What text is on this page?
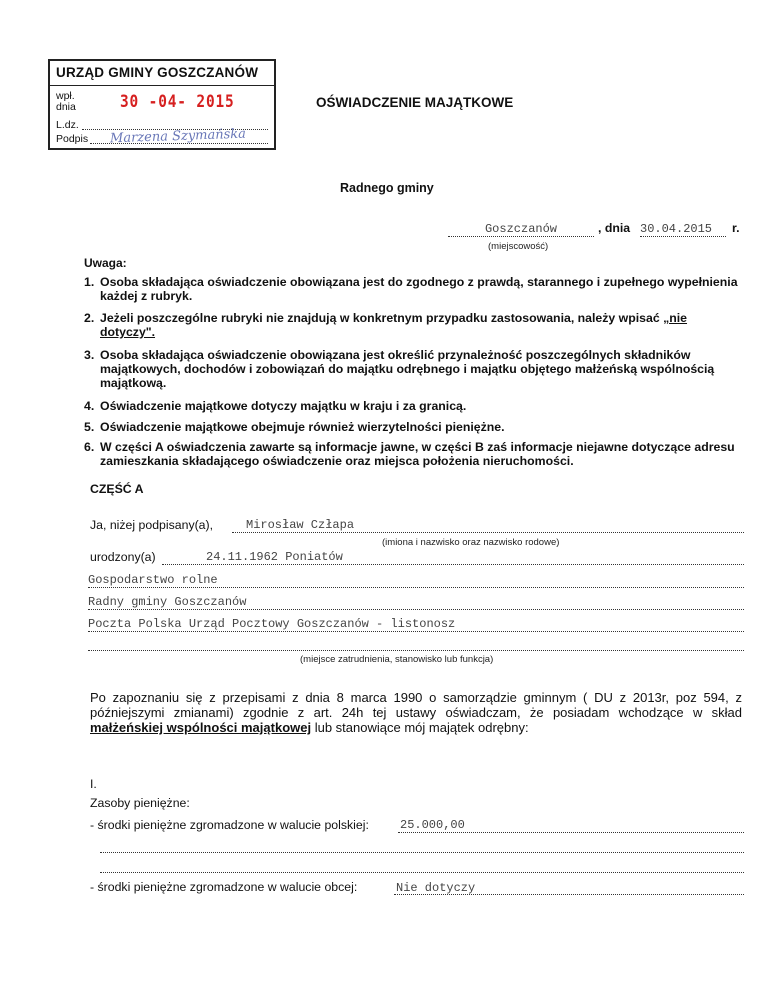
URZĄD GMINY GOSZCZANÓW
wpł.
dnia	30 -04- 2015
L.dz.
Podpis Marzena Szymańska
OŚWIADCZENIE MAJĄTKOWE
Radnego gminy
Goszczanów	, dnia 30.04.2015	r.
(miejscowość)
Uwaga:
1. Osoba składająca oświadczenie obowiązana jest do zgodnego z prawdą, starannego i zupełnego wypełnienia każdej z rubryk.
2. Jeżeli poszczególne rubryki nie znajdują w konkretnym przypadku zastosowania, należy wpisać „nie dotyczy".
3. Osoba składająca oświadczenie obowiązana jest określić przynależność poszczególnych składników majątkowych, dochodów i zobowiązań do majątku odrębnego i majątku objętego małżeńską wspólnością majątkową.
4. Oświadczenie majątkowe dotyczy majątku w kraju i za granicą.
5. Oświadczenie majątkowe obejmuje również wierzytelności pieniężne.
6. W części A oświadczenia zawarte są informacje jawne, w części B zaś informacje niejawne dotyczące adresu zamieszkania składającego oświadczenie oraz miejsca położenia nieruchomości.
CZĘŚĆ A
Ja, niżej podpisany(a),	Mirosław Człapa
(imiona i nazwisko oraz nazwisko rodowe)
urodzony(a)	24.11.1962 Poniatów
Gospodarstwo rolne
Radny gminy Goszczanów
Poczta Polska Urząd Pocztowy Goszczanów - listonosz
(miejsce zatrudnienia, stanowisko lub funkcja)
Po zapoznaniu się z przepisami z dnia 8 marca 1990 o samorządzie gminnym ( DU z 2013r, poz 594, z późniejszymi zmianami) zgodnie z art. 24h tej ustawy oświadczam, że posiadam wchodzące w skład małżeńskiej wspólności majątkowej lub stanowiące mój majątek odrębny:
I.
Zasoby pieniężne:
- środki pieniężne zgromadzone w walucie polskiej:	25.000,00
- środki pieniężne zgromadzone w walucie obcej:	Nie dotyczy
